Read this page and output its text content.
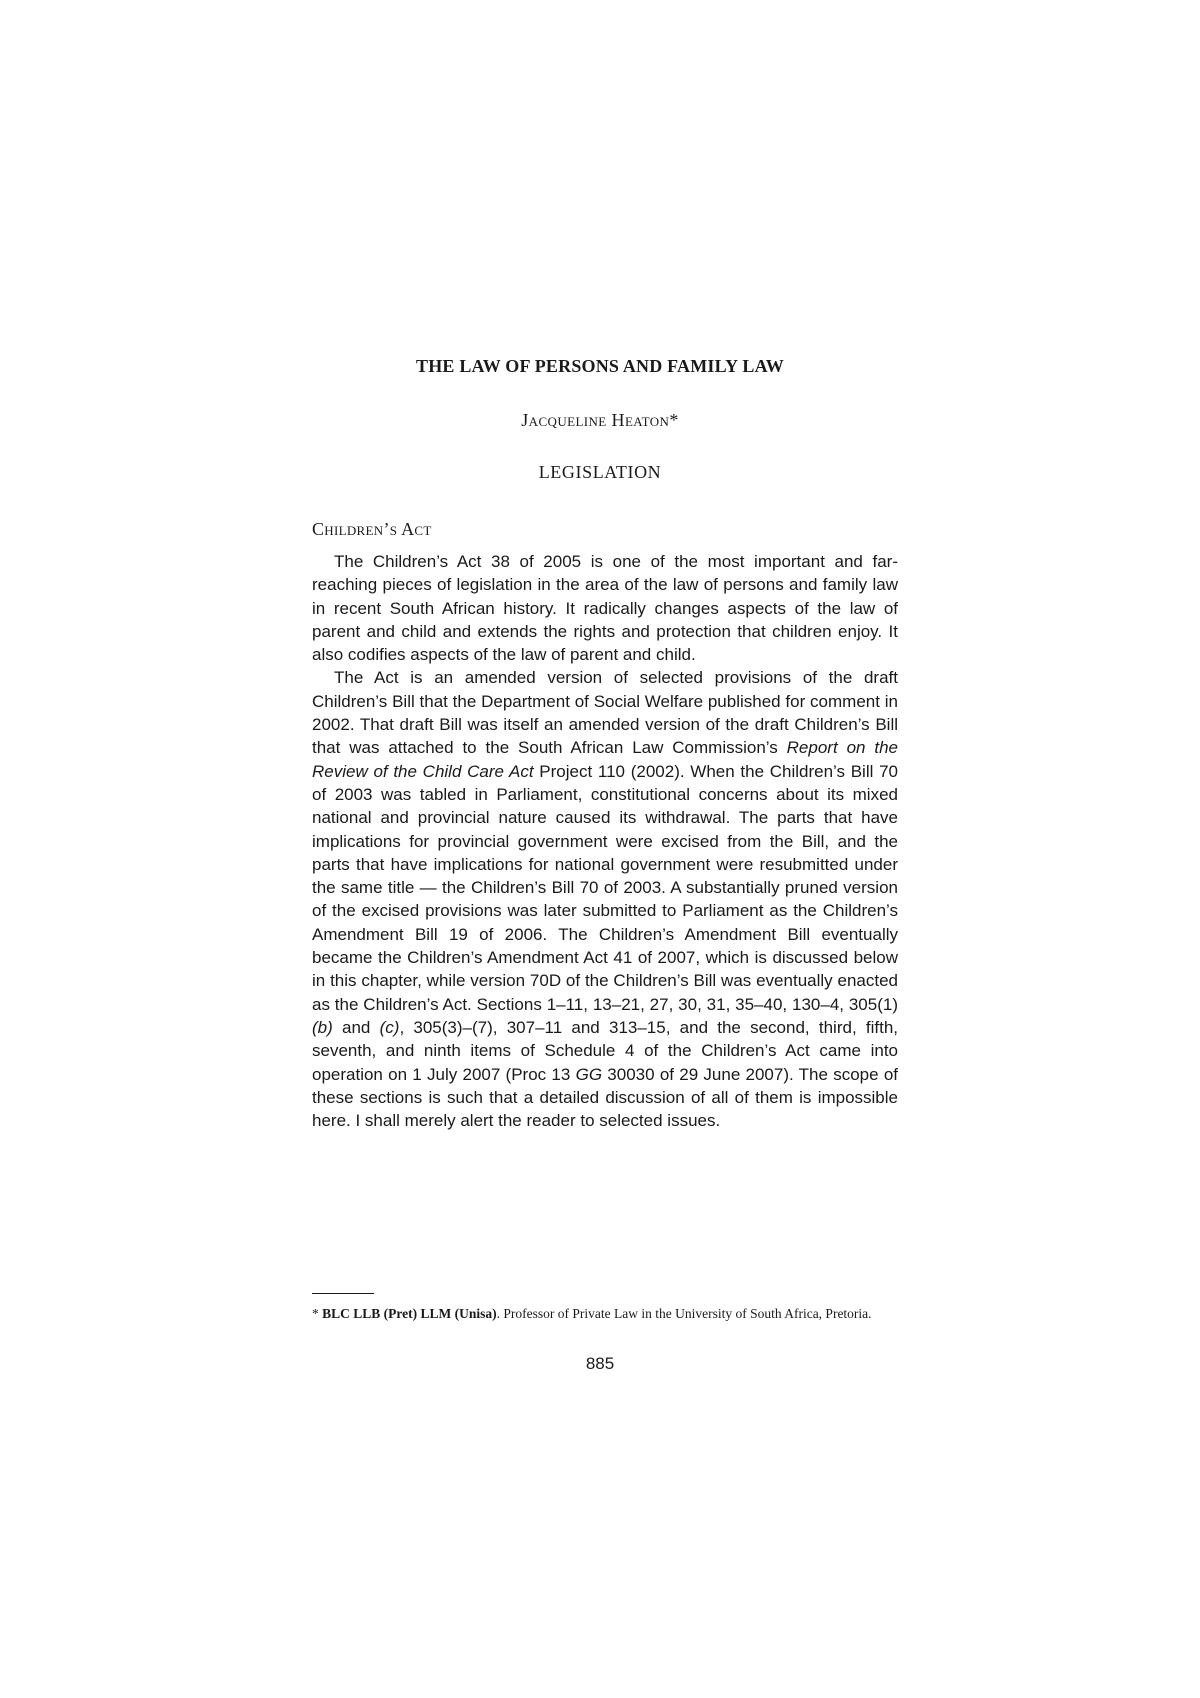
THE LAW OF PERSONS AND FAMILY LAW
Jacqueline Heaton*
LEGISLATION
Children’s Act

The Children’s Act 38 of 2005 is one of the most important and far-reaching pieces of legislation in the area of the law of persons and family law in recent South African history. It radically changes aspects of the law of parent and child and extends the rights and protection that children enjoy. It also codifies aspects of the law of parent and child.

The Act is an amended version of selected provisions of the draft Children’s Bill that the Department of Social Welfare published for comment in 2002. That draft Bill was itself an amended version of the draft Children’s Bill that was attached to the South African Law Commission’s Report on the Review of the Child Care Act Project 110 (2002). When the Children’s Bill 70 of 2003 was tabled in Parliament, constitutional concerns about its mixed national and provincial nature caused its withdrawal. The parts that have implications for provincial government were excised from the Bill, and the parts that have implications for national government were resubmitted under the same title — the Children’s Bill 70 of 2003. A substantially pruned version of the excised provisions was later submitted to Parliament as the Children’s Amendment Bill 19 of 2006. The Children’s Amendment Bill eventually became the Children’s Amendment Act 41 of 2007, which is discussed below in this chapter, while version 70D of the Children’s Bill was eventually enacted as the Children’s Act. Sections 1–11, 13–21, 27, 30, 31, 35–40, 130–4, 305(1)(b) and (c), 305(3)–(7), 307–11 and 313–15, and the second, third, fifth, seventh, and ninth items of Schedule 4 of the Children’s Act came into operation on 1 July 2007 (Proc 13 GG 30030 of 29 June 2007). The scope of these sections is such that a detailed discussion of all of them is impossible here. I shall merely alert the reader to selected issues.

* BLC LLB (Pret) LLM (Unisa). Professor of Private Law in the University of South Africa, Pretoria.
885
